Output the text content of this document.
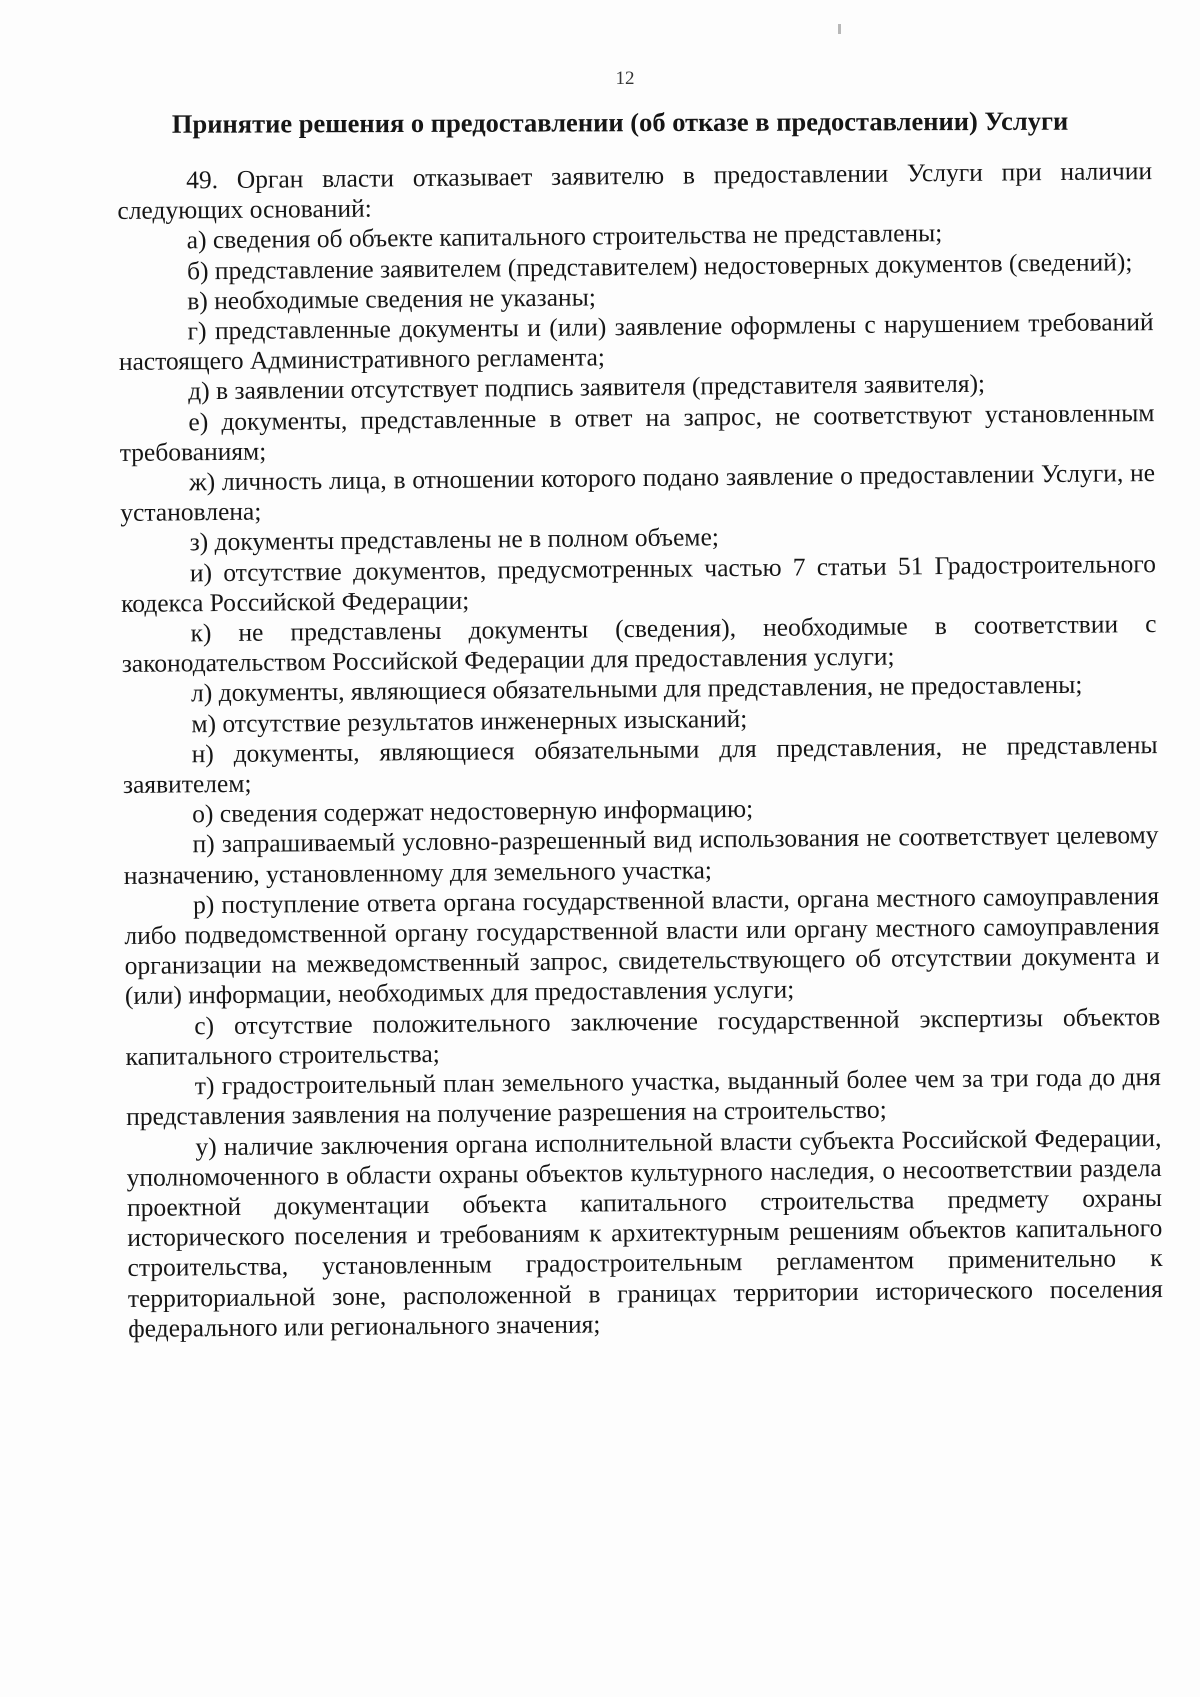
12
Принятие решения о предоставлении (об отказе в предоставлении) Услуги

49. Орган власти отказывает заявителю в предоставлении Услуги при наличии следующих оснований:

а) сведения об объекте капитального строительства не представлены;

б) представление заявителем (представителем) недостоверных документов (сведений);

в) необходимые сведения не указаны;

г) представленные документы и (или) заявление оформлены с нарушением требований настоящего Административного регламента;

д) в заявлении отсутствует подпись заявителя (представителя заявителя);

е) документы, представленные в ответ на запрос, не соответствуют установленным требованиям;

ж) личность лица, в отношении которого подано заявление о предоставлении Услуги, не установлена;

з) документы представлены не в полном объеме;

и) отсутствие документов, предусмотренных частью 7 статьи 51 Градостроительного кодекса Российской Федерации;

к) не представлены документы (сведения), необходимые в соответствии с законодательством Российской Федерации для предоставления услуги;

л) документы, являющиеся обязательными для представления, не предоставлены;

м) отсутствие результатов инженерных изысканий;

н) документы, являющиеся обязательными для представления, не представлены заявителем;

о) сведения содержат недостоверную информацию;

п) запрашиваемый условно-разрешенный вид использования не соответствует целевому назначению, установленному для земельного участка;

р) поступление ответа органа государственной власти, органа местного самоуправления либо подведомственной органу государственной власти или органу местного самоуправления организации на межведомственный запрос, свидетельствующего об отсутствии документа и (или) информации, необходимых для предоставления услуги;

с) отсутствие положительного заключение государственной экспертизы объектов капитального строительства;

т) градостроительный план земельного участка, выданный более чем за три года до дня представления заявления на получение разрешения на строительство;

у) наличие заключения органа исполнительной власти субъекта Российской Федерации, уполномоченного в области охраны объектов культурного наследия, о несоответствии раздела проектной документации объекта капитального строительства предмету охраны исторического поселения и требованиям к архитектурным решениям объектов капитального строительства, установленным градостроительным регламентом применительно к территориальной зоне, расположенной в границах территории исторического поселения федерального или регионального значения;
